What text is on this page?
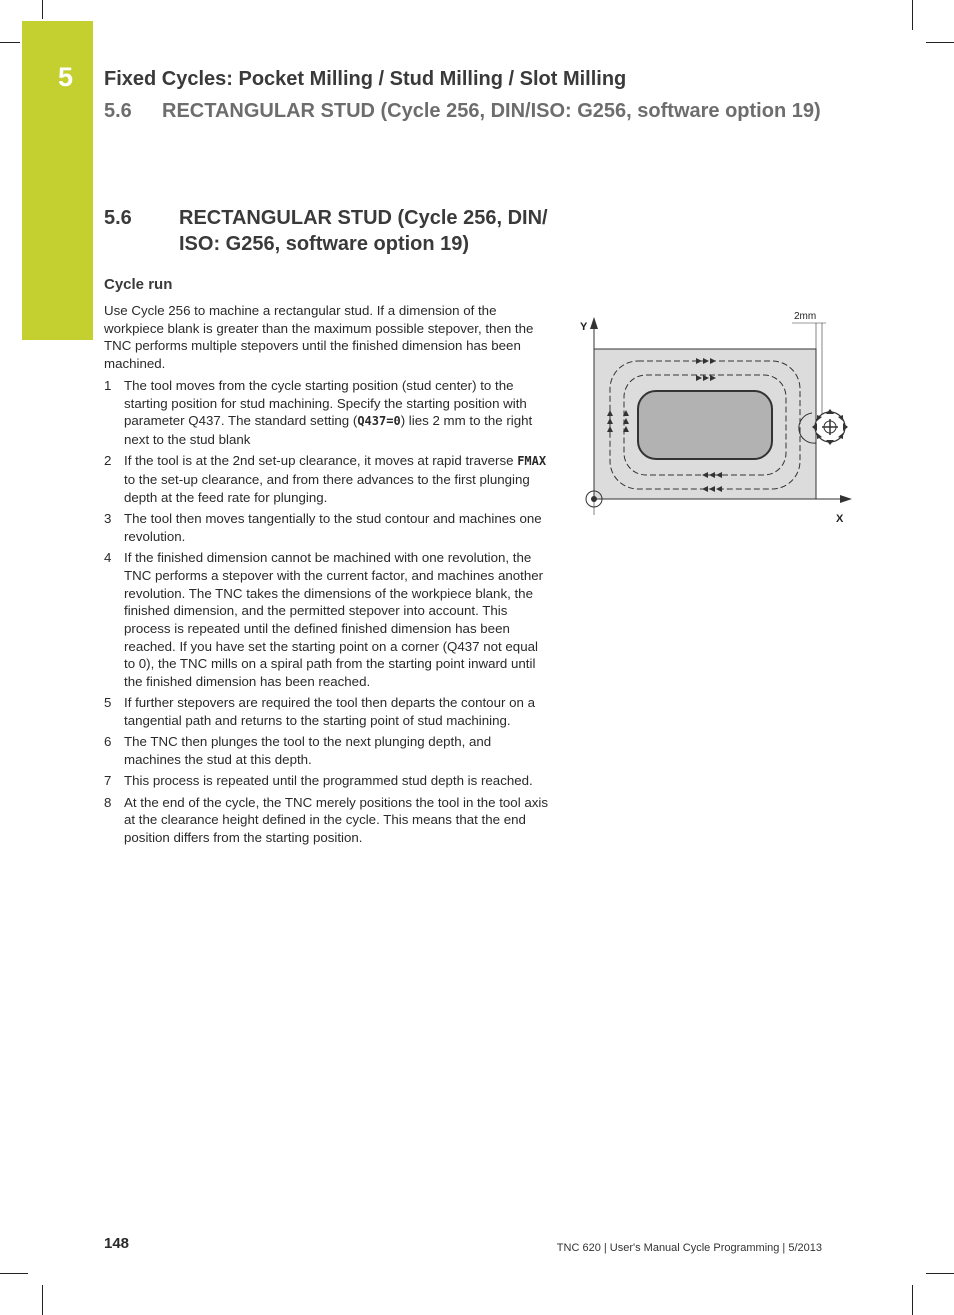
5 Fixed Cycles: Pocket Milling / Stud Milling / Slot Milling
5.6 RECTANGULAR STUD (Cycle 256, DIN/ISO: G256, software option 19)
5.6 RECTANGULAR STUD (Cycle 256, DIN/ ISO: G256, software option 19)
Cycle run
Use Cycle 256 to machine a rectangular stud. If a dimension of the workpiece blank is greater than the maximum possible stepover, then the TNC performs multiple stepovers until the finished dimension has been machined.
1 The tool moves from the cycle starting position (stud center) to the starting position for stud machining. Specify the starting position with parameter Q437. The standard setting (Q437=0) lies 2 mm to the right next to the stud blank
2 If the tool is at the 2nd set-up clearance, it moves at rapid traverse FMAX to the set-up clearance, and from there advances to the first plunging depth at the feed rate for plunging.
3 The tool then moves tangentially to the stud contour and machines one revolution.
4 If the finished dimension cannot be machined with one revolution, the TNC performs a stepover with the current factor, and machines another revolution. The TNC takes the dimensions of the workpiece blank, the finished dimension, and the permitted stepover into account. This process is repeated until the defined finished dimension has been reached. If you have set the starting point on a corner (Q437 not equal to 0), the TNC mills on a spiral path from the starting point inward until the finished dimension has been reached.
5 If further stepovers are required the tool then departs the contour on a tangential path and returns to the starting point of stud machining.
6 The TNC then plunges the tool to the next plunging depth, and machines the stud at this depth.
7 This process is repeated until the programmed stud depth is reached.
8 At the end of the cycle, the TNC merely positions the tool in the tool axis at the clearance height defined in the cycle. This means that the end position differs from the starting position.
Y
X
2mm
148	TNC 620 | User's Manual Cycle Programming | 5/2013
